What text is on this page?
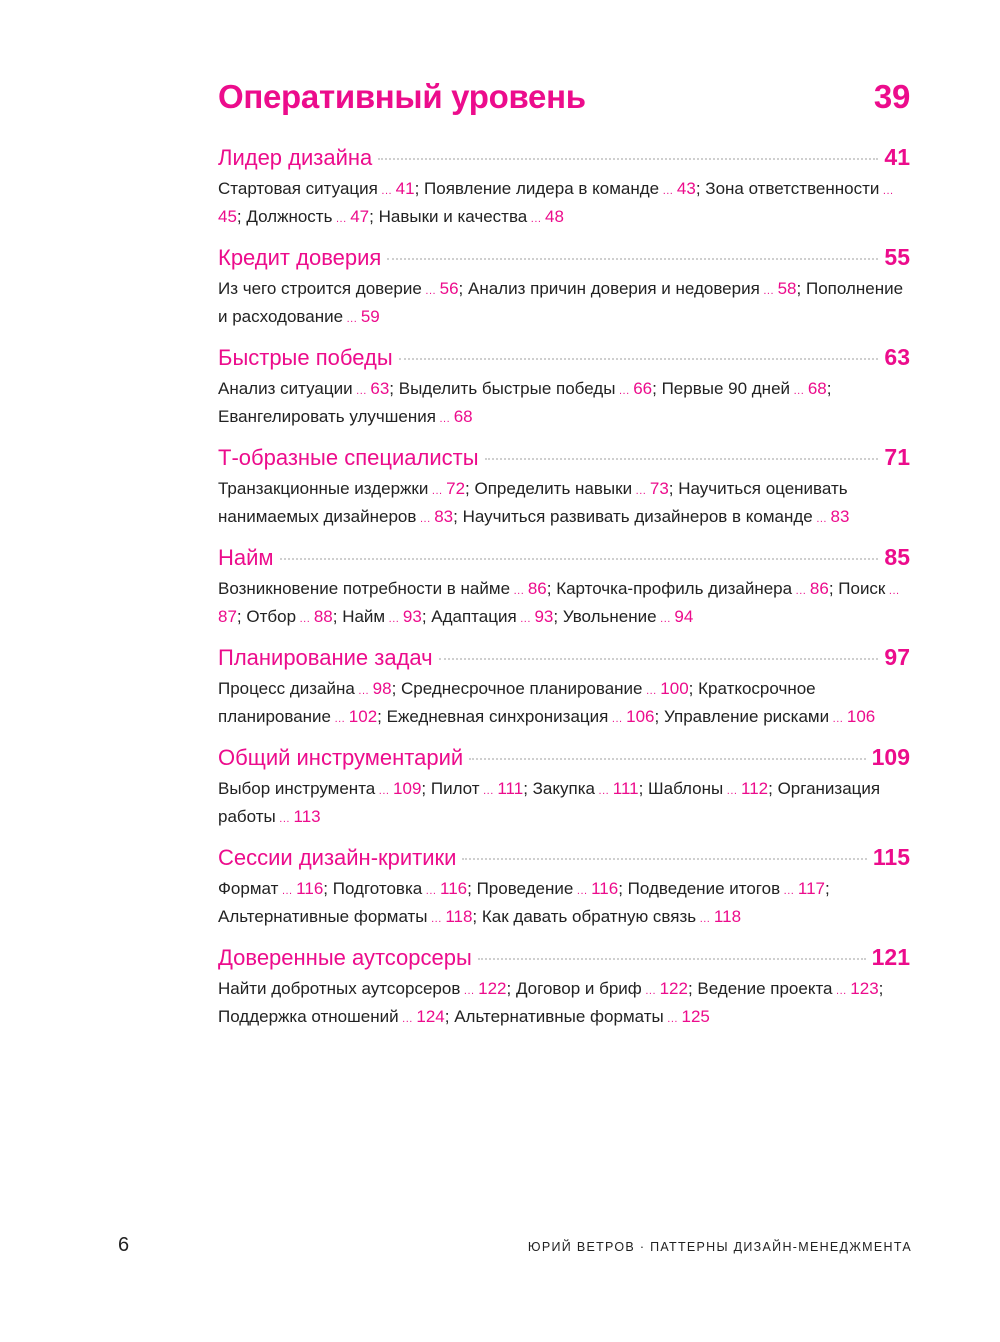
Оперативный уровень	39
Лидер дизайна	41
Стартовая ситуация ... 41; Появление лидера в команде ... 43; Зона ответственности ... 45; Должность ... 47; Навыки и качества ... 48
Кредит доверия	55
Из чего строится доверие ... 56; Анализ причин доверия и недоверия ... 58; Пополнение и расходование ... 59
Быстрые победы	63
Анализ ситуации ... 63; Выделить быстрые победы ... 66; Первые 90 дней ... 68; Евангелировать улучшения ... 68
Т-образные специалисты	71
Транзакционные издержки ... 72; Определить навыки ... 73; Научиться оценивать нанимаемых дизайнеров ... 83; Научиться развивать дизайнеров в команде ... 83
Найм	85
Возникновение потребности в найме ... 86; Карточка-профиль дизайнера ... 86; Поиск ... 87; Отбор ... 88; Найм ... 93; Адаптация ... 93; Увольнение ... 94
Планирование задач	97
Процесс дизайна ... 98; Среднесрочное планирование ... 100; Краткосрочное планирование ... 102; Ежедневная синхронизация ... 106; Управление рисками ... 106
Общий инструментарий	109
Выбор инструмента ... 109; Пилот ... 111; Закупка ... 111; Шаблоны ... 112; Организация работы ... 113
Сессии дизайн-критики	115
Формат ... 116; Подготовка ... 116; Проведение ... 116; Подведение итогов ... 117; Альтернативные форматы ... 118; Как давать обратную связь ... 118
Доверенные аутсорсеры	121
Найти добротных аутсорсеров ... 122; Договор и бриф ... 122; Ведение проекта ... 123; Поддержка отношений ... 124; Альтернативные форматы ... 125
6	ЮРИЙ ВЕТРОВ · ПАТТЕРНЫ ДИЗАЙН-МЕНЕДЖМЕНТА
